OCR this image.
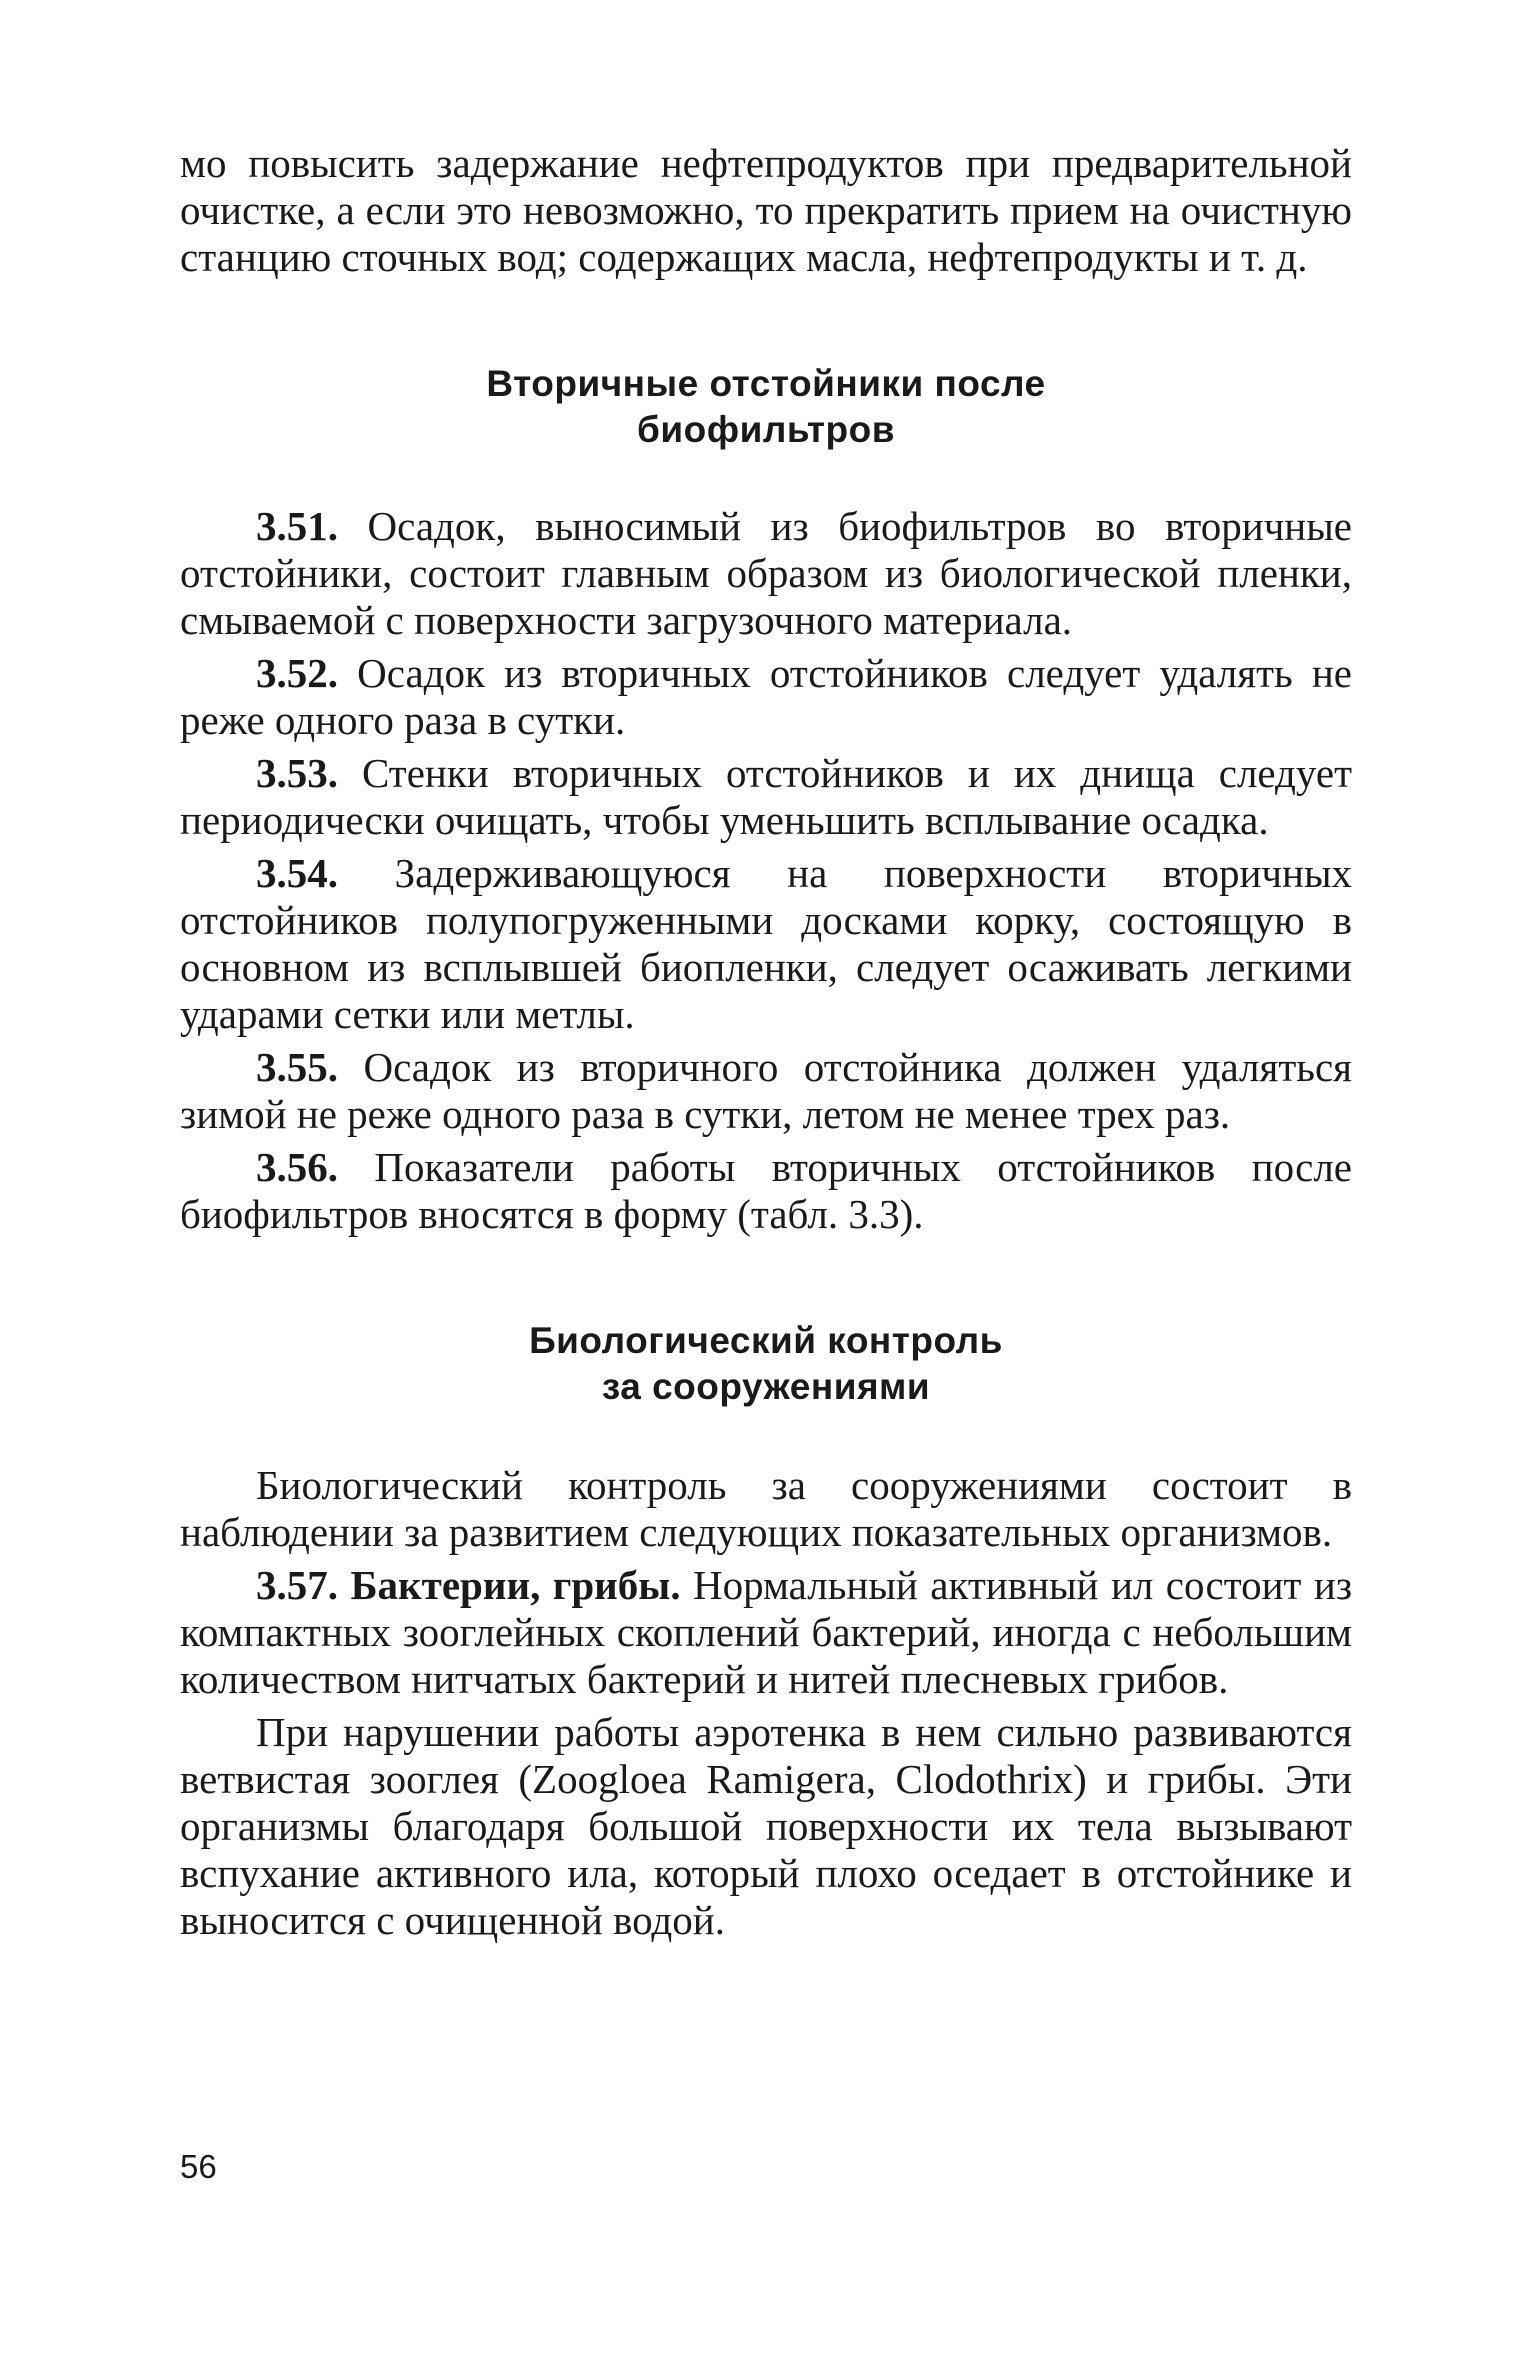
мо повысить задержание нефтепродуктов при предварительной очистке, а если это невозможно, то прекратить прием на очистную станцию сточных вод; содержащих масла, нефтепродукты и т. д.

Вторичные отстойники после
биофильтров

3.51. Осадок, выносимый из биофильтров во вторичные отстойники, состоит главным образом из биологической пленки, смываемой с поверхности загрузочного материала.

3.52. Осадок из вторичных отстойников следует удалять не реже одного раза в сутки.

3.53. Стенки вторичных отстойников и их днища следует периодически очищать, чтобы уменьшить всплывание осадка.

3.54. Задерживающуюся на поверхности вторичных отстойников полупогруженными досками корку, состоящую в основном из всплывшей биопленки, следует осаживать легкими ударами сетки или метлы.

3.55. Осадок из вторичного отстойника должен удаляться зимой не реже одного раза в сутки, летом не менее трех раз.

3.56. Показатели работы вторичных отстойников после биофильтров вносятся в форму (табл. 3.3).

Биологический контроль
за сооружениями

Биологический контроль за сооружениями состоит в наблюдении за развитием следующих показательных организмов.

3.57. Бактерии, грибы. Нормальный активный ил состоит из компактных зооглейных скоплений бактерий, иногда с небольшим количеством нитчатых бактерий и нитей плесневых грибов.

При нарушении работы аэротенка в нем сильно развиваются ветвистая зооглея (Zoogloea Ramigera, Clodothrix) и грибы. Эти организмы благодаря большой поверхности их тела вызывают вспухание активного ила, который плохо оседает в отстойнике и выносится с очищенной водой.

56
